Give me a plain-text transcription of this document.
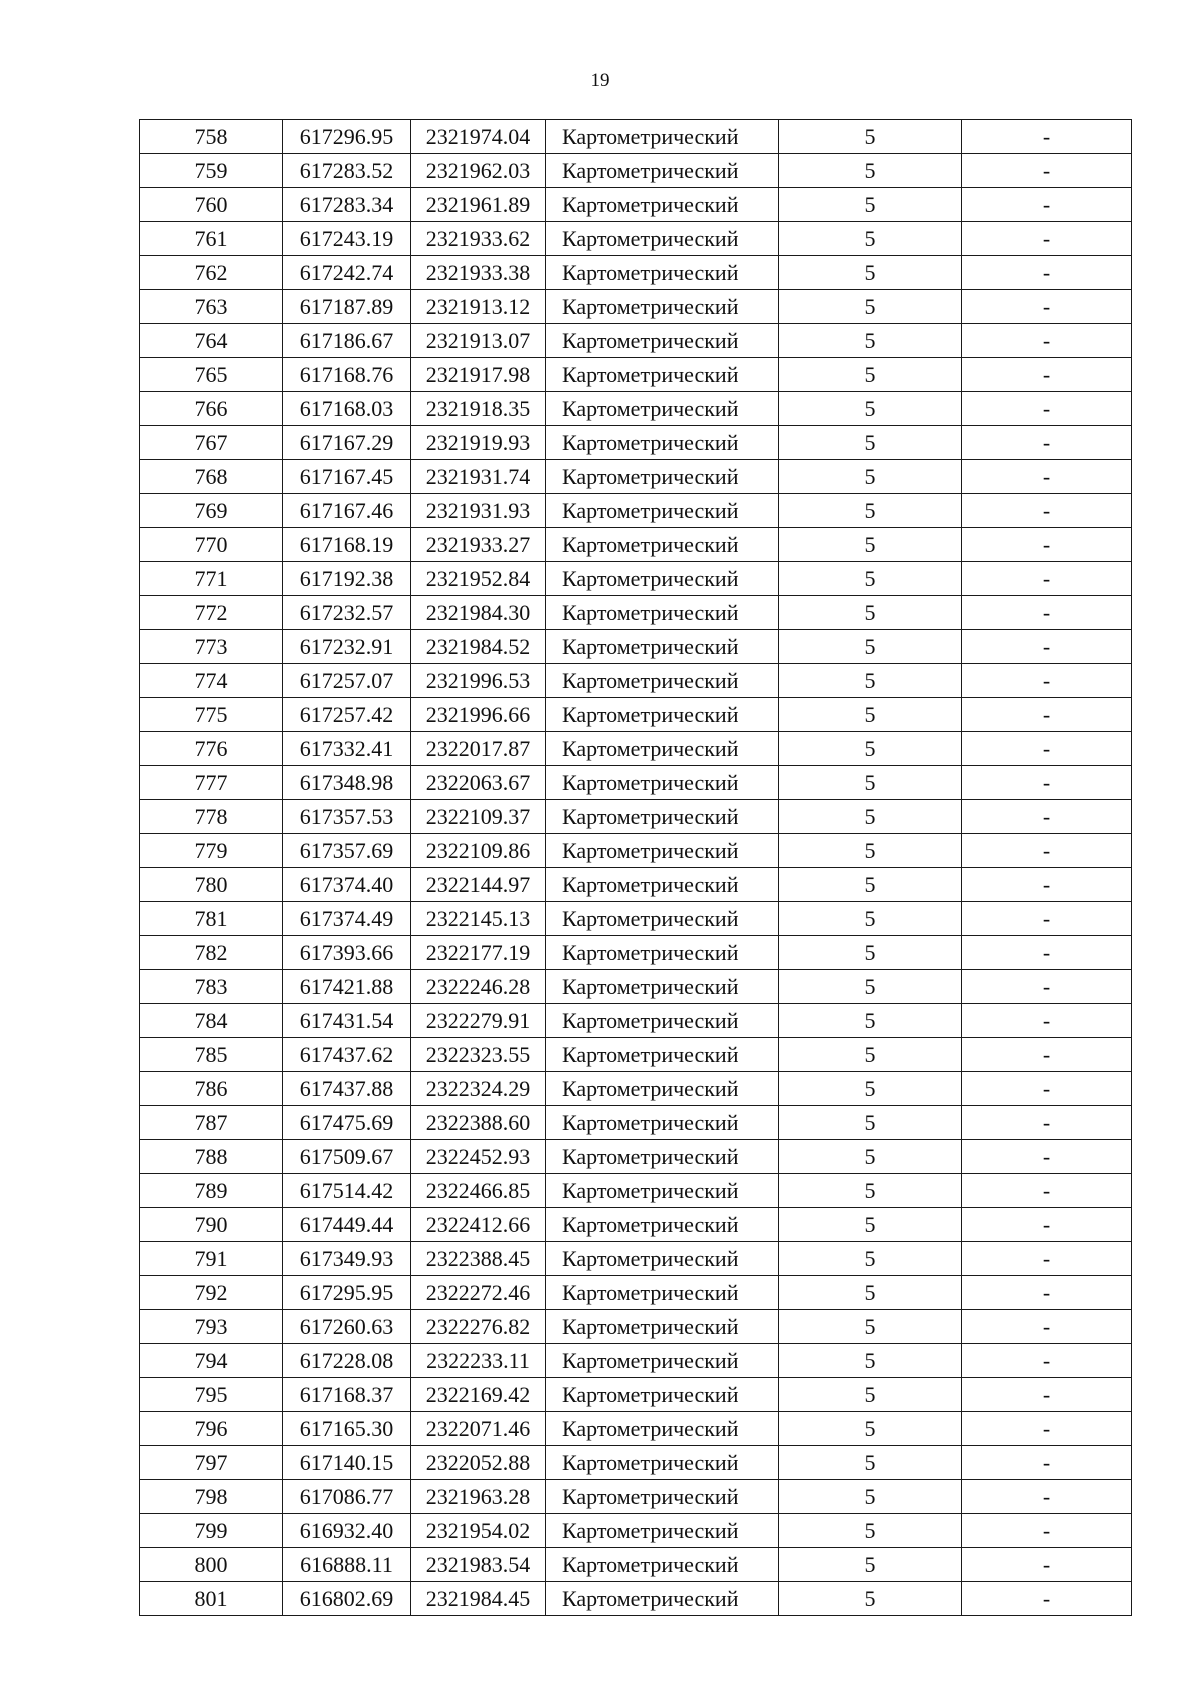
19
758	617296.95	2321974.04	Картометрический	5	-
759	617283.52	2321962.03	Картометрический	5	-
760	617283.34	2321961.89	Картометрический	5	-
761	617243.19	2321933.62	Картометрический	5	-
762	617242.74	2321933.38	Картометрический	5	-
763	617187.89	2321913.12	Картометрический	5	-
764	617186.67	2321913.07	Картометрический	5	-
765	617168.76	2321917.98	Картометрический	5	-
766	617168.03	2321918.35	Картометрический	5	-
767	617167.29	2321919.93	Картометрический	5	-
768	617167.45	2321931.74	Картометрический	5	-
769	617167.46	2321931.93	Картометрический	5	-
770	617168.19	2321933.27	Картометрический	5	-
771	617192.38	2321952.84	Картометрический	5	-
772	617232.57	2321984.30	Картометрический	5	-
773	617232.91	2321984.52	Картометрический	5	-
774	617257.07	2321996.53	Картометрический	5	-
775	617257.42	2321996.66	Картометрический	5	-
776	617332.41	2322017.87	Картометрический	5	-
777	617348.98	2322063.67	Картометрический	5	-
778	617357.53	2322109.37	Картометрический	5	-
779	617357.69	2322109.86	Картометрический	5	-
780	617374.40	2322144.97	Картометрический	5	-
781	617374.49	2322145.13	Картометрический	5	-
782	617393.66	2322177.19	Картометрический	5	-
783	617421.88	2322246.28	Картометрический	5	-
784	617431.54	2322279.91	Картометрический	5	-
785	617437.62	2322323.55	Картометрический	5	-
786	617437.88	2322324.29	Картометрический	5	-
787	617475.69	2322388.60	Картометрический	5	-
788	617509.67	2322452.93	Картометрический	5	-
789	617514.42	2322466.85	Картометрический	5	-
790	617449.44	2322412.66	Картометрический	5	-
791	617349.93	2322388.45	Картометрический	5	-
792	617295.95	2322272.46	Картометрический	5	-
793	617260.63	2322276.82	Картометрический	5	-
794	617228.08	2322233.11	Картометрический	5	-
795	617168.37	2322169.42	Картометрический	5	-
796	617165.30	2322071.46	Картометрический	5	-
797	617140.15	2322052.88	Картометрический	5	-
798	617086.77	2321963.28	Картометрический	5	-
799	616932.40	2321954.02	Картометрический	5	-
800	616888.11	2321983.54	Картометрический	5	-
801	616802.69	2321984.45	Картометрический	5	-
